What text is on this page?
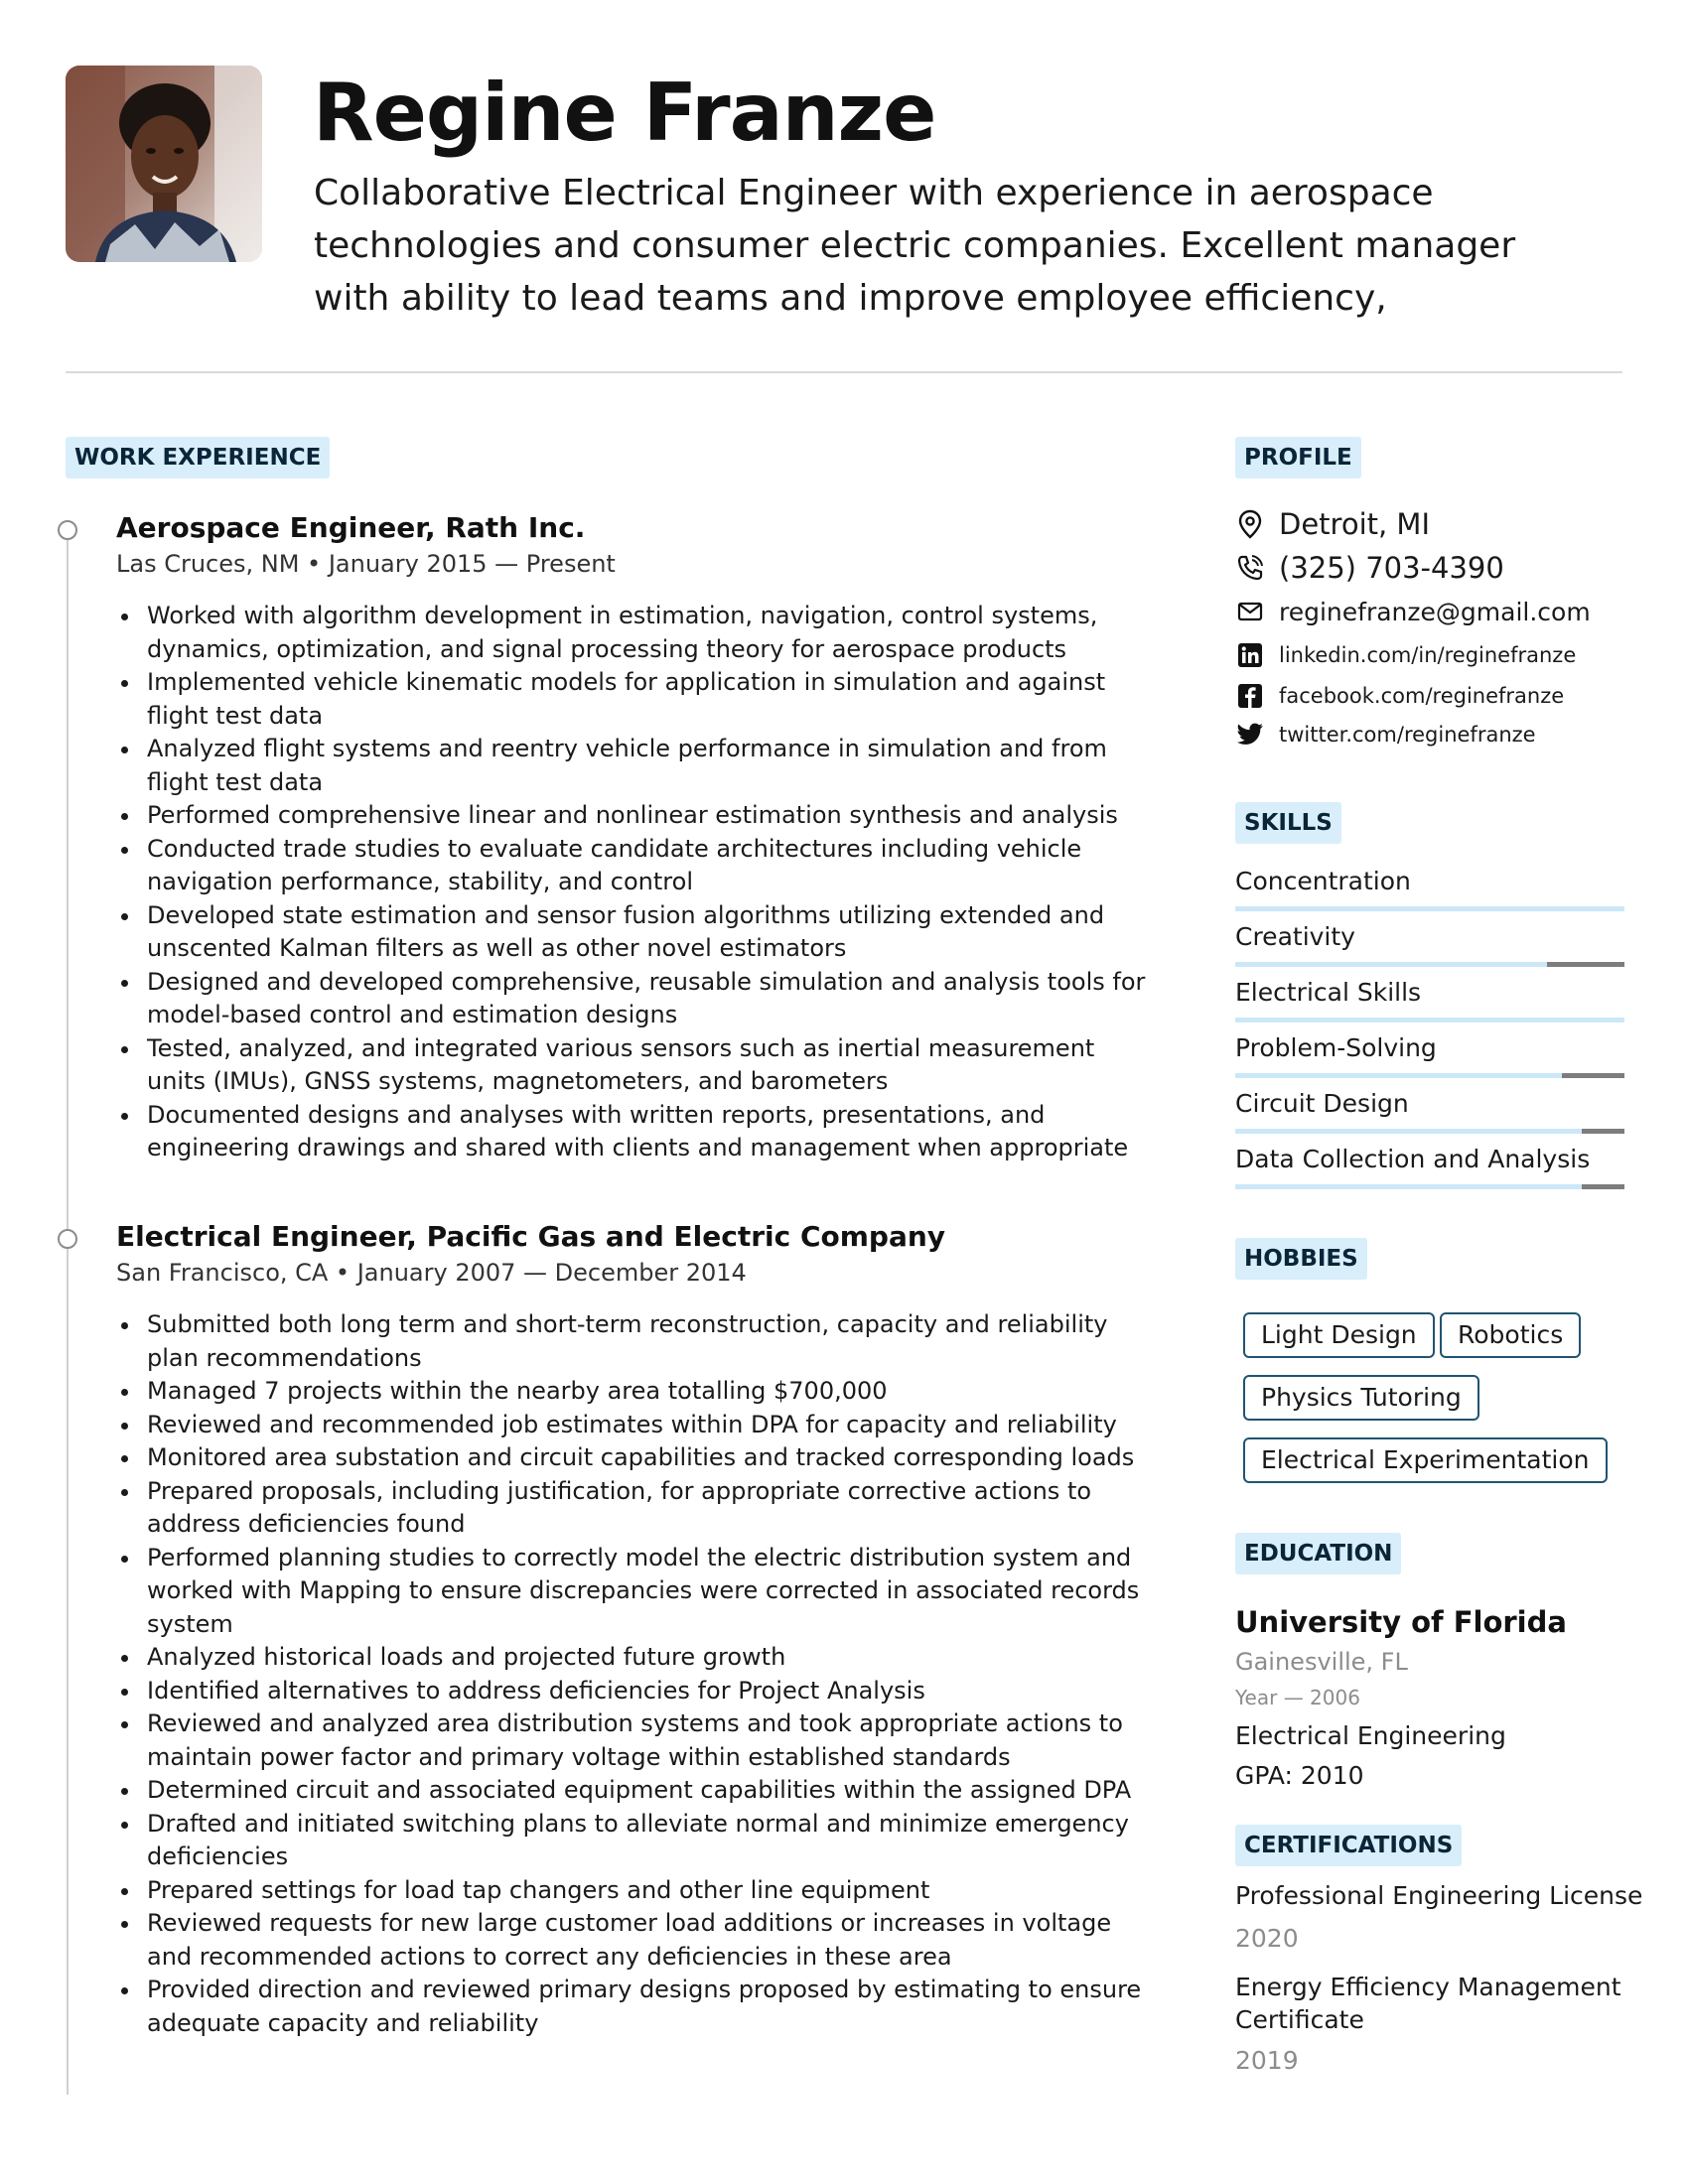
Regine Franze
Collaborative Electrical Engineer with experience in aerospace technologies and consumer electric companies. Excellent manager with ability to lead teams and improve employee efficiency,
WORK EXPERIENCE
Aerospace Engineer, Rath Inc.
Las Cruces, NM • January 2015 — Present
Worked with algorithm development in estimation, navigation, control systems, dynamics, optimization, and signal processing theory for aerospace products
Implemented vehicle kinematic models for application in simulation and against flight test data
Analyzed flight systems and reentry vehicle performance in simulation and from flight test data
Performed comprehensive linear and nonlinear estimation synthesis and analysis
Conducted trade studies to evaluate candidate architectures including vehicle navigation performance, stability, and control
Developed state estimation and sensor fusion algorithms utilizing extended and unscented Kalman filters as well as other novel estimators
Designed and developed comprehensive, reusable simulation and analysis tools for model-based control and estimation designs
Tested, analyzed, and integrated various sensors such as inertial measurement units (IMUs), GNSS systems, magnetometers, and barometers
Documented designs and analyses with written reports, presentations, and engineering drawings and shared with clients and management when appropriate
Electrical Engineer, Pacific Gas and Electric Company
San Francisco, CA • January 2007 — December 2014
Submitted both long term and short-term reconstruction, capacity and reliability plan recommendations
Managed 7 projects within the nearby area totalling $700,000
Reviewed and recommended job estimates within DPA for capacity and reliability
Monitored area substation and circuit capabilities and tracked corresponding loads
Prepared proposals, including justification, for appropriate corrective actions to address deficiencies found
Performed planning studies to correctly model the electric distribution system and worked with Mapping to ensure discrepancies were corrected in associated records system
Analyzed historical loads and projected future growth
Identified alternatives to address deficiencies for Project Analysis
Reviewed and analyzed area distribution systems and took appropriate actions to maintain power factor and primary voltage within established standards
Determined circuit and associated equipment capabilities within the assigned DPA
Drafted and initiated switching plans to alleviate normal and minimize emergency deficiencies
Prepared settings for load tap changers and other line equipment
Reviewed requests for new large customer load additions or increases in voltage and recommended actions to correct any deficiencies in these area
Provided direction and reviewed primary designs proposed by estimating to ensure adequate capacity and reliability
PROFILE
Detroit, MI
(325) 703-4390
reginefranze@gmail.com
linkedin.com/in/reginefranze
facebook.com/reginefranze
twitter.com/reginefranze
SKILLS
Concentration
Creativity
Electrical Skills
Problem-Solving
Circuit Design
Data Collection and Analysis
HOBBIES
Light Design	Robotics
Physics Tutoring
Electrical Experimentation
EDUCATION
University of Florida
Gainesville, FL
Year — 2006
Electrical Engineering
GPA: 2010
CERTIFICATIONS
Professional Engineering License
2020
Energy Efficiency Management Certificate
2019
